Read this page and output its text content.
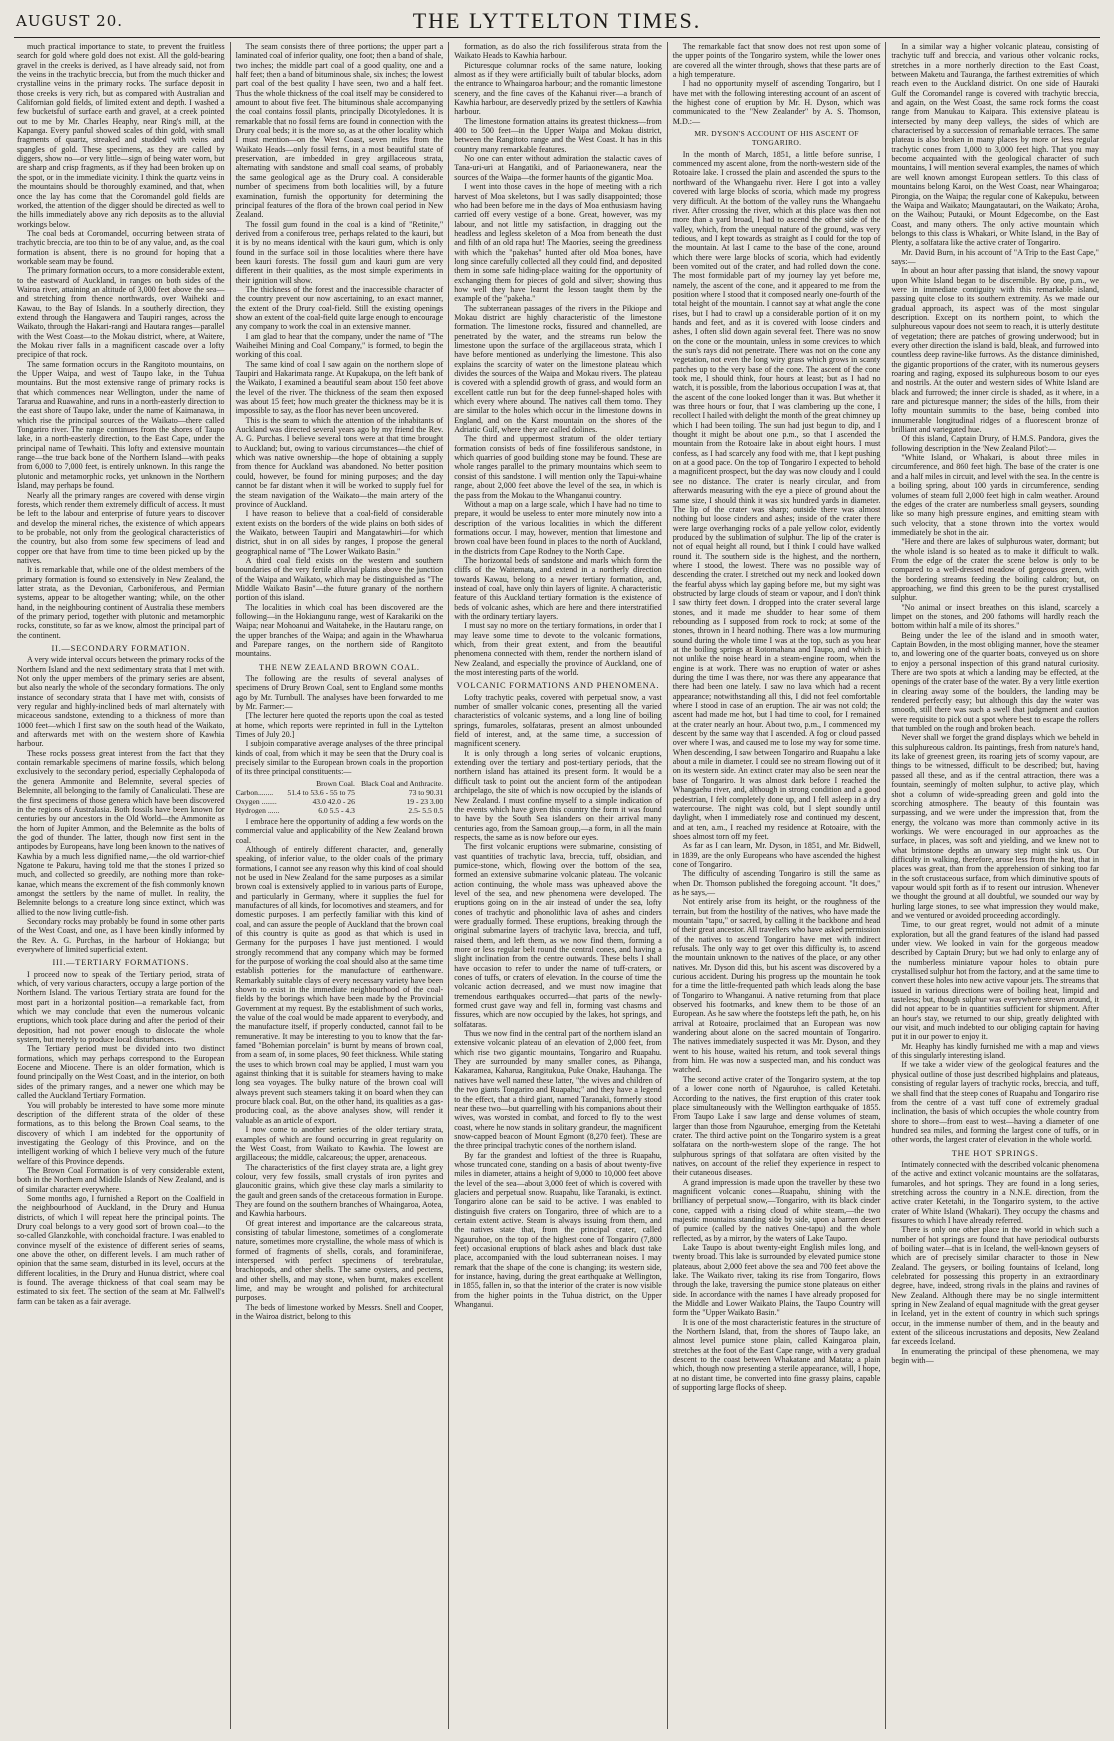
AUGUST 20.	THE LYTTELTON TIMES.

much practical importance to state, to prevent the fruitless search for gold where gold does not exist. All the gold-bearing gravel in the creeks is derived, as I have already said, not from the veins in the trachytic breccia, but from the much thicker and crystalline veins in the primary rocks. The surface deposit in those creeks is very rich, but as compared with Australian and Californian gold fields, of limited extent and depth. I washed a few bucketsful of surface earth and gravel, at a creek pointed out to me by Mr. Charles Heaphy, near Ring's mill, at the Kapanga. Every panful showed scales of thin gold, with small fragments of quartz, streaked and studded with veins and spangles of gold. These specimens, as they are called by diggers, show no—or very little—sign of being water worn, but are sharp and crisp fragments, as if they had been broken up on the spot, or in the immediate vicinity. I think the quartz veins in the mountains should be thoroughly examined, and that, when once the lay has come that the Coromandel gold fields are worked, the attention of the digger should be directed as well to the hills immediately above any rich deposits as to the alluvial workings below.

The coal beds at Coromandel, occurring between strata of trachytic breccia, are too thin to be of any value, and, as the coal formation is absent, there is no ground for hoping that a workable seam may be found.

The primary formation occurs, to a more considerable extent, to the eastward of Auckland, in ranges on both sides of the Wairoa river, attaining an altitude of 3,000 feet above the sea—and stretching from thence northwards, over Waiheki and Kawau, to the Bay of Islands. In a southerly direction, they extend through the Hangawera and Taupiri ranges, across the Waikato, through the Hakari-rangi and Hautara ranges—parallel with the West Coast—to the Mokau district, where, at Waitere, the Mokau river falls in a magnificent cascade over a lofty precipice of that rock.

The same formation occurs in the Rangitoto mountains, on the Upper Waipa, and west of Taupo lake, in the Tuhua mountains. But the most extensive range of primary rocks is that which commences near Wellington, under the name of Tararua and Ruawahine, and runs in a north-easterly direction to the east shore of Taupo lake, under the name of Kaimanawa, in which rise the principal sources of the Waikato—there called Tongariro river. The range continues from the shores of Taupo lake, in a north-easterly direction, to the East Cape, under the principal name of Tewhaiti. This lofty and extensive mountain range—the true back bone of the Northern Island—with peaks from 6,000 to 7,000 feet, is entirely unknown. In this range the plutonic and metamorphic rocks, yet unknown in the Northern Island, may perhaps be found.

Nearly all the primary ranges are covered with dense virgin forests, which render them extremely difficult of access. It must be left to the labour and enterprise of future years to discover and develop the mineral riches, the existence of which appears to be probable, not only from the geological characteristics of the country, but also from some few specimens of lead and copper ore that have from time to time been picked up by the natives.

It is remarkable that, while one of the oldest members of the primary formation is found so extensively in New Zealand, the latter strata, as the Devonian, Carboniferous, and Permian systems, appear to be altogether wanting; while, on the other hand, in the neighbouring continent of Australia these members of the primary period, together with plutonic and metamorphic rocks, constitute, so far as we know, almost the principal part of the continent.

II.—SECONDARY FORMATION.

A very wide interval occurs between the primary rocks of the Northern Island and the next sedimentary strata that I met with. Not only the upper members of the primary series are absent, but also nearly the whole of the secondary formations. The only instance of secondary strata that I have met with, consists of very regular and highly-inclined beds of marl alternately with micaceous sandstone, extending to a thickness of more than 1000 feet—which I first saw on the south head of the Waikato, and afterwards met with on the western shore of Kawhia harbour.

These rocks possess great interest from the fact that they contain remarkable specimens of marine fossils, which belong exclusively to the secondary period, especially Cephalopoda of the genera Ammonite and Belemnite, several species of Belemnite, all belonging to the family of Canaliculati. These are the first specimens of those genera which have been discovered in the regions of Australasia. Both fossils have been known for centuries by our ancestors in the Old World—the Ammonite as the horn of Jupiter Ammon, and the Belemnite as the bolts of the god of thunder. The latter, though now first sent in the antipodes by Europeans, have long been known to the natives of Kawhia by a much less dignified name,—the old warrior-chief Ngatone te Pakuru, having told me that the stones I prized so much, and collected so greedily, are nothing more than roke-kanae, which means the excrement of the fish commonly known amongst the settlers by the name of mullet. In reality, the Belemnite belongs to a creature long since extinct, which was allied to the now living cuttle-fish.

Secondary rocks may probably be found in some other parts of the West Coast, and one, as I have been kindly informed by the Rev. A. G. Purchas, in the harbour of Hokianga; but everywhere of limited superficial extent.

III.—TERTIARY FORMATIONS.

I proceed now to speak of the Tertiary period, strata of which, of very various characters, occupy a large portion of the Northern Island. The various Tertiary strata are found for the most part in a horizontal position—a remarkable fact, from which we may conclude that even the numerous volcanic eruptions, which took place during and after the period of their deposition, had not power enough to dislocate the whole system, but merely to produce local disturbances.

The Tertiary period must be divided into two distinct formations, which may perhaps correspond to the European Eocene and Miocene. There is an older formation, which is found principally on the West Coast, and in the interior, on both sides of the primary ranges, and a newer one which may be called the Auckland Tertiary Formation.

You will probably be interested to have some more minute description of the different strata of the older of these formations, as to this belong the Brown Coal seams, to the discovery of which I am indebted for the opportunity of investigating the Geology of this Province, and on the intelligent working of which I believe very much of the future welfare of this Province depends.

The Brown Coal Formation is of very considerable extent, both in the Northern and Middle Islands of New Zealand, and is of similar character everywhere.

Some months ago, I furnished a Report on the Coalfield in the neighbourhood of Auckland, in the Drury and Hunua districts, of which I will repeat here the principal points. The Drury coal belongs to a very good sort of brown coal—to the so-called Glanzkohle, with conchoidal fracture. I was enabled to convince myself of the existence of different series of seams, one above the other, on different levels. I am much rather of opinion that the same seam, disturbed in its level, occurs at the different localities, in the Drury and Hunua district, where coal is found. The average thickness of that coal seam may be estimated to six feet. The section of the seam at Mr. Fallwell's farm can be taken as a fair average.

The seam consists there of three portions; the upper part a laminated coal of inferior quality, one foot; then a band of shale, two inches; the middle part coal of a good quality, one and a half feet; then a band of bituminous shale, six inches; the lowest part coal of the best quality I have seen, two and a half feet. Thus the whole thickness of the coal itself may be considered to amount to about five feet. The bituminous shale accompanying the coal contains fossil plants, principally Dicotyledones. It is remarkable that no fossil ferns are found in connection with the Drury coal beds; it is the more so, as at the other locality which I must mention—on the West Coast, seven miles from the Waikato Heads—only fossil ferns, in a most beautiful state of preservation, are imbedded in grey argillaceous strata, alternating with sandstone and small coal seams, of probably the same geological age as the Drury coal. A considerable number of specimens from both localities will, by a future examination, furnish the opportunity for determining the principal features of the flora of the brown coal period in New Zealand.

The fossil gum found in the coal is a kind of "Retinite," derived from a coniferous tree, perhaps related to the kauri, but it is by no means identical with the kauri gum, which is only found in the surface soil in those localities where there have been kauri forests. The fossil gum and kauri gum are very different in their qualities, as the most simple experiments in their ignition will show.

The thickness of the forest and the inaccessible character of the country prevent our now ascertaining, to an exact manner, the extent of the Drury coal-field. Still the existing openings show an extent of the coal-field quite large enough to encourage any company to work the coal in an extensive manner.

I am glad to hear that the company, under the name of "The Waiheihei Mining and Coal Company," is formed, to begin the working of this coal.

The same kind of coal I saw again on the northern slope of Taupiri and Hakarimata range. At Kupakupa, on the left bank of the Waikato, I examined a beautiful seam about 150 feet above the level of the river. The thickness of the seam then exposed was about 15 feet; how much greater the thickness may be it is impossible to say, as the floor has never been uncovered.

This is the seam to which the attention of the inhabitants of Auckland was directed several years ago by my friend the Rev. A. G. Purchas. I believe several tons were at that time brought to Auckland; but, owing to various circumstances—the chief of which was native ownership—the hope of obtaining a supply from thence for Auckland was abandoned. No better position could, however, be found for mining purposes; and the day cannot be far distant when it will be worked to supply fuel for the steam navigation of the Waikato—the main artery of the province of Auckland.

I have reason to believe that a coal-field of considerable extent exists on the borders of the wide plains on both sides of the Waikato, between Taupiri and Mangatawhiri—for which district, shut in on all sides by ranges, I propose the general geographical name of "The Lower Waikato Basin."

A third coal field exists on the western and southern boundaries of the very fertile alluvial plains above the junction of the Waipa and Waikato, which may be distinguished as "The Middle Waikato Basin"—the future granary of the northern portion of this island.

The localities in which coal has been discovered are the following—in the Hokiangunu range, west of Karakariki on the Waipa; near Mohoanui and Waitaheke, in the Hautaru range, on the upper branches of the Waipa; and again in the Whawharua and Parepare ranges, on the northern side of Rangitoto mountains.

THE NEW ZEALAND BROWN COAL.

The following are the results of several analyses of specimens of Drury Brown Coal, sent to England some months ago by Mr. Turnbull. The analyses have been forwarded to me by Mr. Farmer:—

[The lecturer here quoted the reports upon the coal as tested at home, which reports were reprinted in full in the Lyttelton Times of July 20.]

I subjoin comparative average analyses of the three principal kinds of coal, from which it may be seen that the Drury coal is precisely similar to the European brown coals in the proportion of its three principal constituents:—

	Brown Coal.	Black Coal and Anthracite.
Carbon........	51.4 to 53.6 - 55 to 75	73 to 90.31
Oxygen ........	43.0 42.0 - 26	19 - 23 3.00
Hydrogen ......	6.0 5.5 - 4.3	2.5- 5.5 0.5

I embrace here the opportunity of adding a few words on the commercial value and applicability of the New Zealand brown coal.

Although of entirely different character, and, generally speaking, of inferior value, to the older coals of the primary formations, I cannot see any reason why this kind of coal should not be used in New Zealand for the same purposes as a similar brown coal is extensively applied to in various parts of Europe, and particularly in Germany, where it supplies the fuel for manufactures of all kinds, for locomotives and steamers, and for domestic purposes. I am perfectly familiar with this kind of coal, and can assure the people of Auckland that the brown coal of this country is quite as good as that which is used in Germany for the purposes I have just mentioned. I would strongly recommend that any company which may be formed for the purpose of working the coal should also at the same time establish potteries for the manufacture of earthenware. Remarkably suitable clays of every necessary variety have been shown to exist in the immediate neighbourhood of the coal-fields by the borings which have been made by the Provincial Government at my request. By the establishment of such works, the value of the coal would be made apparent to everybody, and the manufacture itself, if properly conducted, cannot fail to be remunerative. It may be interesting to you to know that the far-famed "Bohemian porcelain" is burnt by means of brown coal, from a seam of, in some places, 90 feet thickness. While stating the uses to which brown coal may be applied, I must warn you against thinking that it is suitable for steamers having to make long sea voyages. The bulky nature of the brown coal will always prevent such steamers taking it on board when they can procure black coal. But, on the other hand, its qualities as a gas-producing coal, as the above analyses show, will render it valuable as an article of export.

I now come to another series of the older tertiary strata, examples of which are found occurring in great regularity on the West Coast, from Waikato to Kawhia. The lowest are argillaceous; the middle, calcareous; the upper, arenaceous.

The characteristics of the first clayey strata are, a light grey colour, very few fossils, small crystals of iron pyrites and glauconitic grains, which give these clay marls a similarity to the gault and green sands of the cretaceous formation in Europe. They are found on the southern branches of Whaingaroa, Aotea, and Kawhia harbours.

Of great interest and importance are the calcareous strata, consisting of tabular limestone, sometimes of a conglomerate nature, sometimes more crystalline, the whole mass of which is formed of fragments of shells, corals, and foraminiferae, interspersed with perfect specimens of terebratulae, brachiopods, and other shells. The same oysters, and pectens, and other shells, and may stone, when burnt, makes excellent lime, and may be wrought and polished for architectural purposes.

The beds of limestone worked by Messrs. Snell and Cooper, in the Wairoa district, belong to this

formation, as do also the rich fossiliferous strata from the Waikato Heads to Kawhia harbour.

Picturesque columnar rocks of the same nature, looking almost as if they were artificially built of tabular blocks, adorn the entrance to Whaingaroa harbour; and the romantic limestone scenery, and the fine caves of the Kahanui river—a branch of Kawhia harbour, are deservedly prized by the settlers of Kawhia harbour.

The limestone formation attains its greatest thickness—from 400 to 500 feet—in the Upper Waipa and Mokau district, between the Rangitoto range and the West Coast. It has in this country many remarkable features.

No one can enter without admiration the stalactic caves of Tana-uri-uri at Hangatiki, and of Pariaonewanera, near the sources of the Waipa—the former haunts of the gigantic Moa.

I went into those caves in the hope of meeting with a rich harvest of Moa skeletons, but I was sadly disappointed; those who had been before me in the days of Moa enthusiasm having carried off every vestige of a bone. Great, however, was my labour, and not little my satisfaction, in dragging out the headless and legless skeleton of a Moa from beneath the dust and filth of an old rapa hut! The Maories, seeing the greediness with which the "pakehas" hunted after old Moa bones, have long since carefully collected all they could find, and deposited them in some safe hiding-place waiting for the opportunity of exchanging them for pieces of gold and silver; showing thus how well they have learnt the lesson taught them by the example of the "pakeha."

The subterranean passages of the rivers in the Pikiope and Mokau district are highly characteristic of the limestone formation. The limestone rocks, fissured and channelled, are penetrated by the water, and the streams run below the limestone upon the surface of the argillaceous strata, which I have before mentioned as underlying the limestone. This also explains the scarcity of water on the limestone plateau which divides the sources of the Waipa and Mokau rivers. The plateau is covered with a splendid growth of grass, and would form an excellent cattle run but for the deep funnel-shaped holes with which every where abound. The natives call them tomo. They are similar to the holes which occur in the limestone downs in England, and on the Karst mountain on the shores of the Adriatic Gulf, where they are called dolines.

The third and uppermost stratum of the older tertiary formation consists of beds of fine fossiliferous sandstone, in which quarries of good building stone may be found. These are whole ranges parallel to the primary mountains which seem to consist of this sandstone. I will mention only the Tapui-whaine range, about 2,000 feet above the level of the sea, in which is the pass from the Mokau to the Whanganui country.

Without a map on a large scale, which I have had no time to prepare, it would be useless to enter more minutely now into a description of the various localities in which the different formations occur. I may, however, mention that limestone and brown coal have been found in places to the north of Auckland, in the districts from Cape Rodney to the North Cape.

The horizontal beds of sandstone and marls which form the cliffs of the Waitemata, and extend in a northerly direction towards Kawau, belong to a newer tertiary formation, and, instead of coal, have only thin layers of lignite. A characteristic feature of this Auckland tertiary formation is the existence of beds of volcanic ashes, which are here and there interstratified with the ordinary tertiary layers.

I must say no more on the tertiary formations, in order that I may leave some time to devote to the volcanic formations, which, from their great extent, and from the beautiful phenomena connected with them, render the northern island of New Zealand, and especially the province of Auckland, one of the most interesting parts of the world.

VOLCANIC FORMATIONS AND PHENOMENA.

Lofty trachytic peaks, covered with perpetual snow, a vast number of smaller volcanic cones, presenting all the varied characteristics of volcanic systems, and a long line of boiling springs, fumaroles, solfataras, present an almost unbounded field of interest, and, at the same time, a succession of magnificent scenery.

It is only through a long series of volcanic eruptions, extending over the tertiary and post-tertiary periods, that the northern island has attained its present form. It would be a difficult task to point out the ancient form of the antipodean archipelago, the site of which is now occupied by the islands of New Zealand. I must confine myself to a simple indication of the events which have given this country the form it was found to have by the South Sea islanders on their arrival many centuries ago, from the Samoan group,—a form, in all the main respects, the same as is now before our eyes.

The first volcanic eruptions were submarine, consisting of vast quantities of trachytic lava, breccia, tuff, obsidian, and pumice-stone, which, flowing over the bottom of the sea, formed an extensive submarine volcanic plateau. The volcanic action continuing, the whole mass was upheaved above the level of the sea, and new phenomena were developed. The eruptions going on in the air instead of under the sea, lofty cones of trachytic and phonolithic lava of ashes and cinders were gradually formed. These eruptions, breaking through the original submarine layers of trachytic lava, breccia, and tuff, raised them, and left them, as we now find them, forming a more or less regular belt round the central cones, and having a slight inclination from the centre outwards. These belts I shall have occasion to refer to under the name of tuff-craters, or cones of tuffs, or craters of elevation. In the course of time the volcanic action decreased, and we must now imagine that tremendous earthquakes occurred—that parts of the newly-formed crust gave way and fell in, forming vast chasms and fissures, which are now occupied by the lakes, hot springs, and solfataras.

Thus we now find in the central part of the northern island an extensive volcanic plateau of an elevation of 2,000 feet, from which rise two gigantic mountains, Tongariro and Ruapahu. They are surrounded by many smaller cones, as Pihanga, Kakaramea, Kaharua, Rangitukua, Puke Onake, Hauhanga. The natives have well named these latter, "the wives and children of the two giants Tongariro and Ruapahu;" and they have a legend to the effect, that a third giant, named Taranaki, formerly stood near these two—but quarrelling with his companions about their wives, was worsted in combat, and forced to fly to the west coast, where he now stands in solitary grandeur, the magnificent snow-capped beacon of Mount Egmont (8,270 feet). These are the three principal trachytic cones of the northern island.

By far the grandest and loftiest of the three is Ruapahu, whose truncated cone, standing on a basis of about twenty-five miles in diameter, attains a height of 9,000 to 10,000 feet above the level of the sea—about 3,000 feet of which is covered with glaciers and perpetual snow. Ruapahu, like Taranaki, is extinct. Tongariro alone can be said to be active. I was enabled to distinguish five craters on Tongariro, three of which are to a certain extent active. Steam is always issuing from them, and the natives state that, from the principal crater, called Ngauruhoe, on the top of the highest cone of Tongariro (7,800 feet) occasional eruptions of black ashes and black dust take place, accompanied with the loud subterranean noises. I may remark that the shape of the cone is changing; its western side, for instance, having, during the great earthquake at Wellington, in 1855, fallen in, so that the interior of the crater is now visible from the higher points in the Tuhua district, on the Upper Whanganui.

The remarkable fact that snow does not rest upon some of the upper points of the Tongariro system, while the lower ones are covered all the winter through, shows that these parts are of a high temperature.

I had no opportunity myself of ascending Tongariro, but I have met with the following interesting account of an ascent of the highest cone of eruption by Mr. H. Dyson, which was communicated to the "New Zealander" by A. S. Thomson, M.D.:—

MR. DYSON'S ACCOUNT OF HIS ASCENT OF TONGARIRO.

In the month of March, 1851, a little before sunrise, I commenced my ascent alone, from the north-western side of the Rotoaire lake. I crossed the plain and ascended the spurs to the northward of the Whangaehu river. Here I got into a valley covered with large blocks of scoria, which made my progress very difficult. At the bottom of the valley runs the Whangaehu river. After crossing the river, which at this place was then not more than a yard broad, I had to ascend the other side of the valley, which, from the unequal nature of the ground, was very tedious, and I kept towards as straight as I could for the top of the mountain. At last I came to the base of the cone, around which there were large blocks of scoria, which had evidently been vomited out of the crater, and had rolled down the cone. The most formidable part of my journey lay yet before me, namely, the ascent of the cone, and it appeared to me from the position where I stood that it composed nearly one-fourth of the total height of the mountain. I cannot say at what angle the cone rises, but I had to crawl up a considerable portion of it on my hands and feet, and as it is covered with loose cinders and ashes, I often slid down again several feet. There was no snow on the cone or the mountain, unless in some crevices to which the sun's rays did not penetrate. There was not on the cone any vegetation, not even the long wiry grass which grows in scanty patches up to the very base of the cone. The ascent of the cone took me, I should think, four hours at least; but as I had no watch, it is possible, from the laborious occupation I was at, that the ascent of the cone looked longer than it was. But whether it was three hours or four, that I was clambering up the cone, I recollect I hailed with delight the month of the great chimney up which I had been toiling. The sun had just begun to dip, and I thought it might be about one p.m., so that I ascended the mountain from the Rotoaire lake in about eight hours. I must confess, as I had scarcely any food with me, that I kept pushing on at a good pace. On the top of Tongariro I expected to behold a magnificent prospect, but the day was now cloudy and I could see no distance. The crater is nearly circular, and from afterwards measuring with the eye a piece of ground about the same size, I should think it was six hundred yards in diameter. The lip of the crater was sharp; outside there was almost nothing but loose cinders and ashes; inside of the crater there were large overhanging rocks of a pale yellow color, evidently produced by the sublimation of sulphur. The lip of the crater is not of equal height all round, but I think I could have walked round it. The southern side is the highest, and the northern, where I stood, the lowest. There was no possible way of descending the crater. I stretched out my neck and looked down the fearful abyss which lay gaping before me, but my sight was obstructed by large clouds of steam or vapour, and I don't think I saw thirty feet down. I dropped into the crater several large stones, and it made me shudder to hear some of them rebounding as I supposed from rock to rock; at some of the stones, thrown in I heard nothing. There was a low murmuring sound during the whole time I was at the top, such as you hear at the boiling springs at Rotomahana and Taupo, and which is not unlike the noise heard in a steam-engine room, when the engine is at work. There was no eruption of water or ashes during the time I was there, nor was there any appearance that there had been one lately. I saw no lava which had a recent appearance; notwithstanding all this, I did not feel comfortable where I stood in case of an eruption. The air was not cold; the ascent had made me hot, but I had time to cool, for I remained at the crater nearly an hour. About two, p.m., I commenced my descent by the same way that I ascended. A fog or cloud passed over where I was, and caused me to lose my way for some time. When descending, I saw between Tongariro and Ruapahu a lake about a mile in diameter. I could see no stream flowing out of it on its western side. An extinct crater may also be seen near the base of Tongariro. It was almost dark before I reached the Whangaehu river, and, although in strong condition and a good pedestrian, I felt completely done up, and I fell asleep in a dry watercourse. The night was cold, but I slept soundly until daylight, when I immediately rose and continued my descent, and at ten, a.m., I reached my residence at Rotoaire, with the shoes almost torn off my feet.

As far as I can learn, Mr. Dyson, in 1851, and Mr. Bidwell, in 1839, are the only Europeans who have ascended the highest cone of Tongariro.

The difficulty of ascending Tongariro is still the same as when Dr. Thomson published the foregoing account. "It does," as he says,—

Not entirely arise from its height, or the roughness of the terrain, but from the hostility of the natives, who have made the mountain "tapu," or sacred, by calling it the backbone and head of their great ancestor. All travellers who have asked permission of the natives to ascend Tongariro have met with indirect refusals. The only way to get over this difficulty is, to ascend the mountain unknown to the natives of the place, or any other natives. Mr. Dyson did this, but his ascent was discovered by a curious accident. During his progress up the mountain he took for a time the little-frequented path which leads along the base of Tongariro to Whanganui. A native returning from that place observed his footmarks, and knew them to be those of an European. As he saw where the footsteps left the path, he, on his arrival at Rotoaire, proclaimed that an European was now wandering about alone on the sacred mountain of Tongariro. The natives immediately suspected it was Mr. Dyson, and they went to his house, waited his return, and took several things from him. He was now a suspected man, and his conduct was watched.

The second active crater of the Tongariro system, at the top of a lower cone north of Ngauruhoe, is called Ketetahi. According to the natives, the first eruption of this crater took place simultaneously with the Wellington earthquake of 1855. From Taupo Lake I saw large and dense volumes of steam, larger than those from Ngauruhoe, emerging from the Ketetahi crater. The third active point on the Tongariro system is a great solfatara on the north-western slope of the range. The hot sulphurous springs of that solfatara are often visited by the natives, on account of the relief they experience in respect to their cutaneous diseases.

A grand impression is made upon the traveller by these two magnificent volcanic cones—Ruapahu, shining with the brilliancy of perpetual snow,—Tongariro, with its black cinder cone, capped with a rising cloud of white steam,—the two majestic mountains standing side by side, upon a barren desert of pumice (called by the natives One-tapu) and the whole reflected, as by a mirror, by the waters of Lake Taupo.

Lake Taupo is about twenty-eight English miles long, and twenty broad. This lake is surrounded by elevated pumice stone plateaus, about 2,000 feet above the sea and 700 feet above the lake. The Waikato river, taking its rise from Tongariro, flows through the lake, traversing the pumice stone plateaus on either side. In accordance with the names I have already proposed for the Middle and Lower Waikato Plains, the Taupo Country will form the "Upper Waikato Basin."

It is one of the most characteristic features in the structure of the Northern Island, that, from the shores of Taupo lake, an almost level pumice stone plain, called Kaingaroa plain, stretches at the foot of the East Cape range, with a very gradual descent to the coast between Whakatane and Matata; a plain which, though now presenting a sterile appearance, will, I hope, at no distant time, be converted into fine grassy plains, capable of supporting large flocks of sheep.

In a similar way a higher volcanic plateau, consisting of trachytic tuff and breccia, and various other volcanic rocks, stretches in a more northerly direction to the East Coast, between Maketu and Tauranga, the farthest extremities of which reach even to the Auckland district. On one side of Hauraki Gulf the Coromandel range is covered with trachytic breccia, and again, on the West Coast, the same rock forms the coast range from Manukau to Kaipara. This extensive plateau is intersected by many deep valleys, the sides of which are characterised by a succession of remarkable terraces. The same plateau is also broken in many places by more or less regular trachytic cones from 1,000 to 3,000 feet high. That you may become acquainted with the geological character of such mountains, I will mention several examples, the names of which are well known amongst European settlers. To this class of mountains belong Karoi, on the West Coast, near Whaingaroa; Pirongia, on the Waipa; the regular cone of Kakepuku, between the Waipa and Waikato; Maungatautari, on the Waikato; Aroha, on the Waihou; Putauki, or Mount Edgecombe, on the East Coast, and many others. The only active mountain which belongs to this class is Whakari, or White Island, in the Bay of Plenty, a solfatara like the active crater of Tongariro.

Mr. David Burn, in his account of "A Trip to the East Cape," says:—

In about an hour after passing that island, the snowy vapour upon White Island began to be discernible. By one, p.m., we were in immediate contiguity with this remarkable island, passing quite close to its southern extremity. As we made our gradual approach, its aspect was of the most singular description. Except on its northern point, to which the sulphureous vapour does not seem to reach, it is utterly destitute of vegetation; there are patches of growing underwood; but in every other direction the island is bald, bleak, and furrowed into countless deep ravine-like furrows. As the distance diminished, the gigantic proportions of the crater, with its numerous geysers roaring and raging, exposed its sulphureous bosom to our eyes and nostrils. At the outer and western sides of White Island are black and furrowed; the inner circle is shaded, as it where, in a rare and picturesque manner; the sides of the hills, from their lofty mountain summits to the base, being combed into innumerable longitudinal ridges of a fluorescent bronze of brilliant and variegated hue.

Of this island, Captain Drury, of H.M.S. Pandora, gives the following description in the 'New Zealand Pilot':—

"White Island, or Whakari, is about three miles in circumference, and 860 feet high. The base of the crater is one and a half miles in circuit, and level with the sea. In the centre is a boiling spring, about 100 yards in circumference, sending volumes of steam full 2,000 feet high in calm weather. Around the edges of the crater are numberless small geysers, sounding like so many high pressure engines, and emitting steam with such velocity, that a stone thrown into the vortex would immediately be shot in the air.

"Here and there are lakes of sulphurous water, dormant; but the whole island is so heated as to make it difficult to walk. From the edge of the crater the scene below is only to be compared to a well-dressed meadow of gorgeous green, with the bordering streams feeding the boiling caldron; but, on approaching, we find this green to be the purest crystallised sulphur.

"No animal or insect breathes on this island, scarcely a limpet on the stones, and 200 fathoms will hardly reach the bottom within half a mile of its shores."

Being under the lee of the island and in smooth water, Captain Bowden, in the most obliging manner, hove the steamer to, and lowering one of the quarter boats, conveyed us on shore to enjoy a personal inspection of this grand natural curiosity. There are two spots at which a landing may be effected, at the openings of the crater base of the water. By a very little exertion in clearing away some of the boulders, the landing may be rendered perfectly easy; but although this day the water was smooth, still there was such a swell that judgment and caution were requisite to pick out a spot where best to escape the rollers that tumbled on the rough and broken beach.

Never shall we forget the grand displays which we beheld in this sulphureous caldron. Its paintings, fresh from nature's hand, its lake of greenest green, its roaring jets of scorny vapour, are things to be witnessed, difficult to be described; but, having passed all these, and as if the central attraction, there was a fountain, seemingly of molten sulphur, to active play, which shot a column of wide-spreading green and gold into the scorching atmosphere. The beauty of this fountain was surpassing, and we were under the impression that, from the energy, the volcano was more than commonly active in its workings. We were encouraged in our approaches as the surface, in places, was soft and yielding, and we knew not to what brimstone depths an unwary step might sink us. Our difficulty in walking, therefore, arose less from the heat, that in places was great, than from the apprehension of sinking too far in the soft crustaceous surface, from which diminutive spouts of vapour would spit forth as if to resent our intrusion. Whenever we thought the ground at all doubtful, we sounded our way by hurling large stones, to see what impression they would make, and we ventured or avoided proceeding accordingly.

Time, to our great regret, would not admit of a minute exploration, but all the grand features of the island had passed under view. We looked in vain for the gorgeous meadow described by Captain Drury; but we had only to enlarge any of the numberless miniature vapour holes to obtain pure crystallised sulphur hot from the factory, and at the same time to convert these holes into new active vapour jets. The streams that issued in various directions were of boiling heat, limpid and tasteless; but, though sulphur was everywhere strewn around, it did not appear to be in quantities sufficient for shipment. After an hour's stay, we returned to our ship, greatly delighted with our visit, and much indebted to our obliging captain for having put it in our power to enjoy it.

Mr. Heaphy has kindly furnished me with a map and views of this singularly interesting island.

If we take a wider view of the geological features and the physical outline of those just described highplains and plateaus, consisting of regular layers of trachytic rocks, breccia, and tuff, we shall find that the steep cones of Ruapahu and Tongariro rise from the centre of a vast tuff cone of extremely gradual inclination, the basis of which occupies the whole country from shore to shore—from east to west—having a diameter of one hundred sea miles, and forming the largest cone of tuffs, or in other words, the largest crater of elevation in the whole world.

THE HOT SPRINGS.

Intimately connected with the described volcanic phenomena of the active and extinct volcanic mountains are the solfataras, fumaroles, and hot springs. They are found in a long series, stretching across the country in a N.N.E. direction, from the active crater Ketetahi, in the Tongariro system, to the active crater of White Island (Whakari). They occupy the chasms and fissures to which I have already referred.

There is only one other place in the world in which such a number of hot springs are found that have periodical outbursts of boiling water—that is in Iceland, the well-known geysers of which are of precisely similar character to those in New Zealand. The geysers, or boiling fountains of Iceland, long celebrated for possessing this property in an extraordinary degree, have, indeed, strong rivals in the plains and ravines of New Zealand. Although there may be no single intermittent spring in New Zealand of equal magnitude with the great geyser in Iceland, yet in the extent of country in which such springs occur, in the immense number of them, and in the beauty and extent of the siliceous incrustations and deposits, New Zealand far exceeds Iceland.

In enumerating the principal of these phenomena, we may begin with—
